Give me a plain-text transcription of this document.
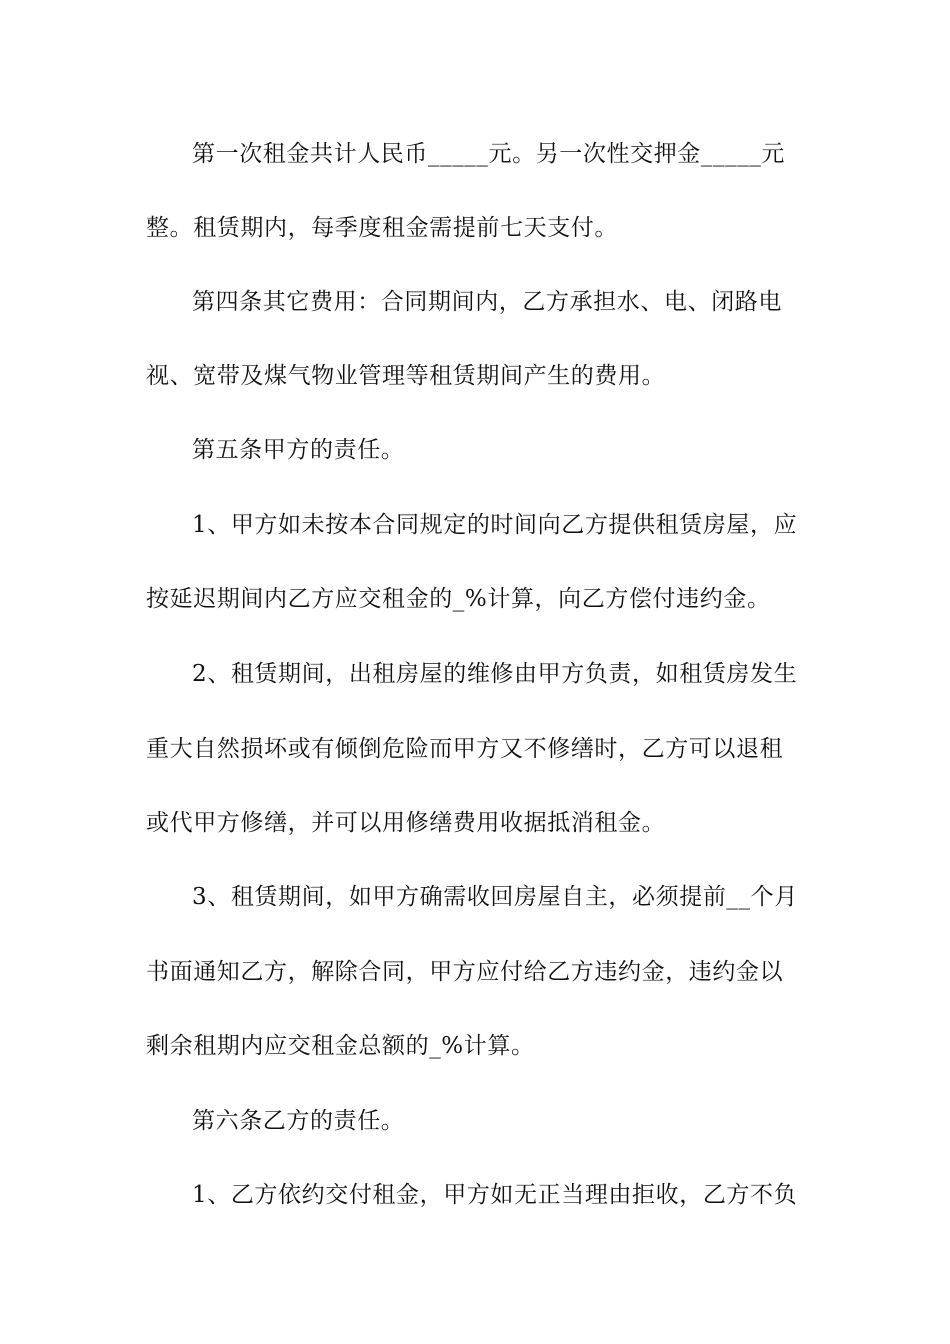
第一次租金共计人民币_____元。另一次性交押金_____元
整。租赁期内，每季度租金需提前七天支付。
第四条其它费用：合同期间内，乙方承担水、电、闭路电
视、宽带及煤气物业管理等租赁期间产生的费用。
第五条甲方的责任。
1、甲方如未按本合同规定的时间向乙方提供租赁房屋，应
按延迟期间内乙方应交租金的_%计算，向乙方偿付违约金。
2、租赁期间，出租房屋的维修由甲方负责，如租赁房发生
重大自然损坏或有倾倒危险而甲方又不修缮时，乙方可以退租
或代甲方修缮，并可以用修缮费用收据抵消租金。
3、租赁期间，如甲方确需收回房屋自主，必须提前__个月
书面通知乙方，解除合同，甲方应付给乙方违约金，违约金以
剩余租期内应交租金总额的_%计算。
第六条乙方的责任。
1、乙方依约交付租金，甲方如无正当理由拒收，乙方不负
